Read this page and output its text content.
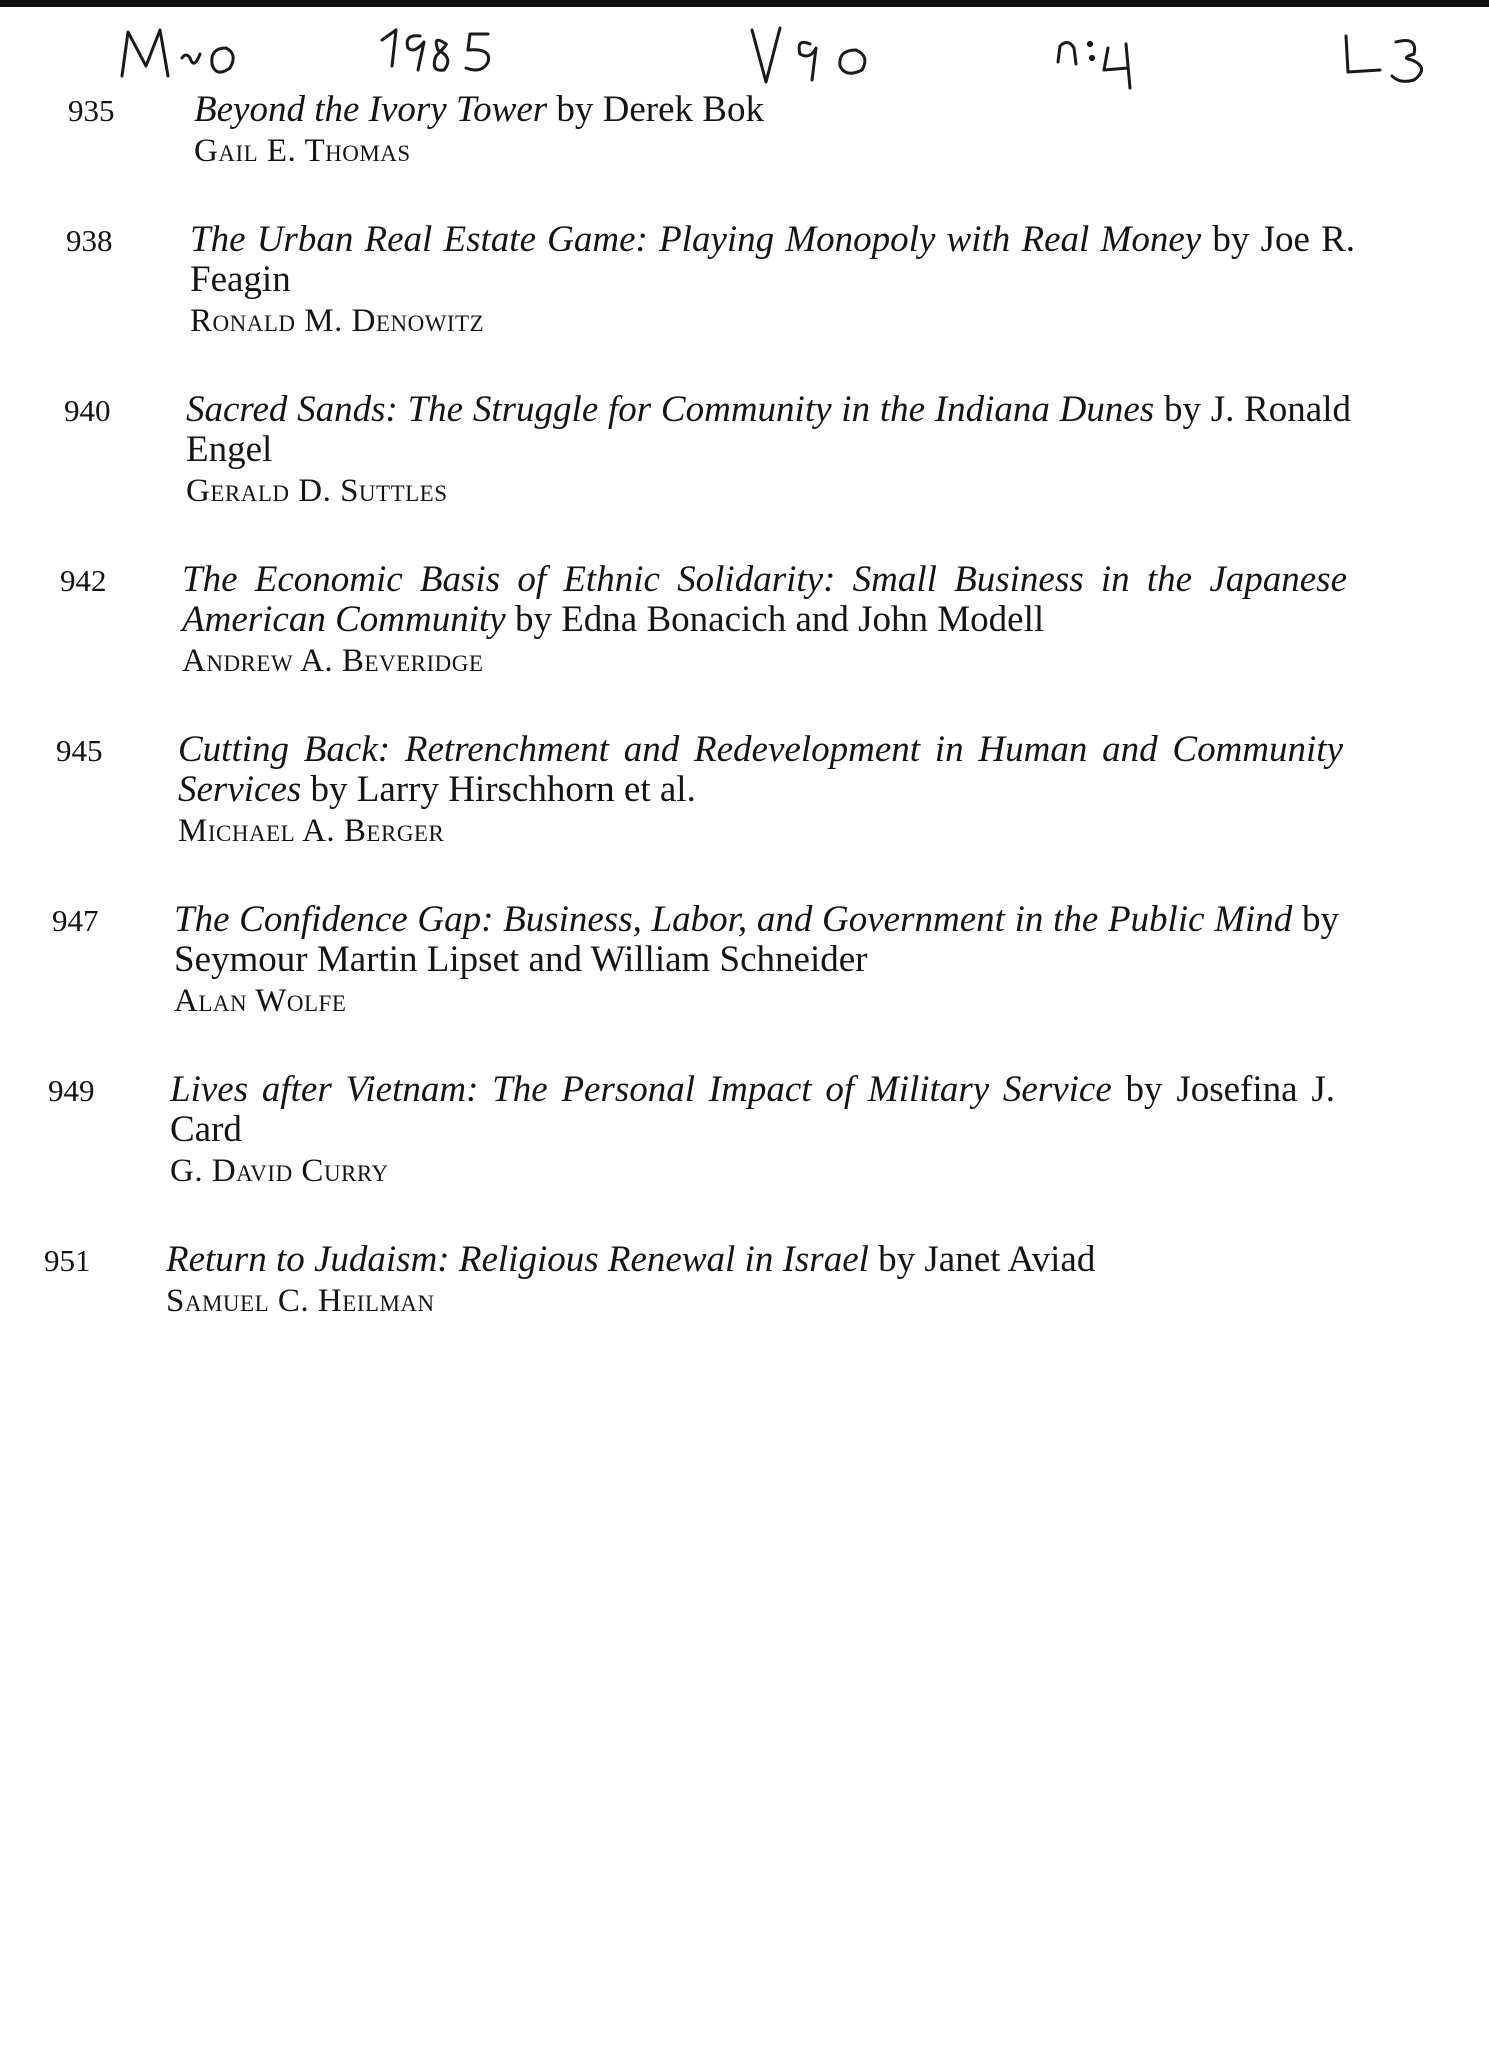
935 Beyond the Ivory Tower by Derek Bok
Gail E. Thomas
938 The Urban Real Estate Game: Playing Monopoly with Real Money by Joe R. Feagin
Ronald M. Denowitz
940 Sacred Sands: The Struggle for Community in the Indiana Dunes by J. Ronald Engel
Gerald D. Suttles
942 The Economic Basis of Ethnic Solidarity: Small Business in the Japanese American Community by Edna Bonacich and John Modell
Andrew A. Beveridge
945 Cutting Back: Retrenchment and Redevelopment in Human and Community Services by Larry Hirschhorn et al.
Michael A. Berger
947 The Confidence Gap: Business, Labor, and Government in the Public Mind by Seymour Martin Lipset and William Schneider
Alan Wolfe
949 Lives after Vietnam: The Personal Impact of Military Service by Josefina J. Card
G. David Curry
951 Return to Judaism: Religious Renewal in Israel by Janet Aviad
Samuel C. Heilman
